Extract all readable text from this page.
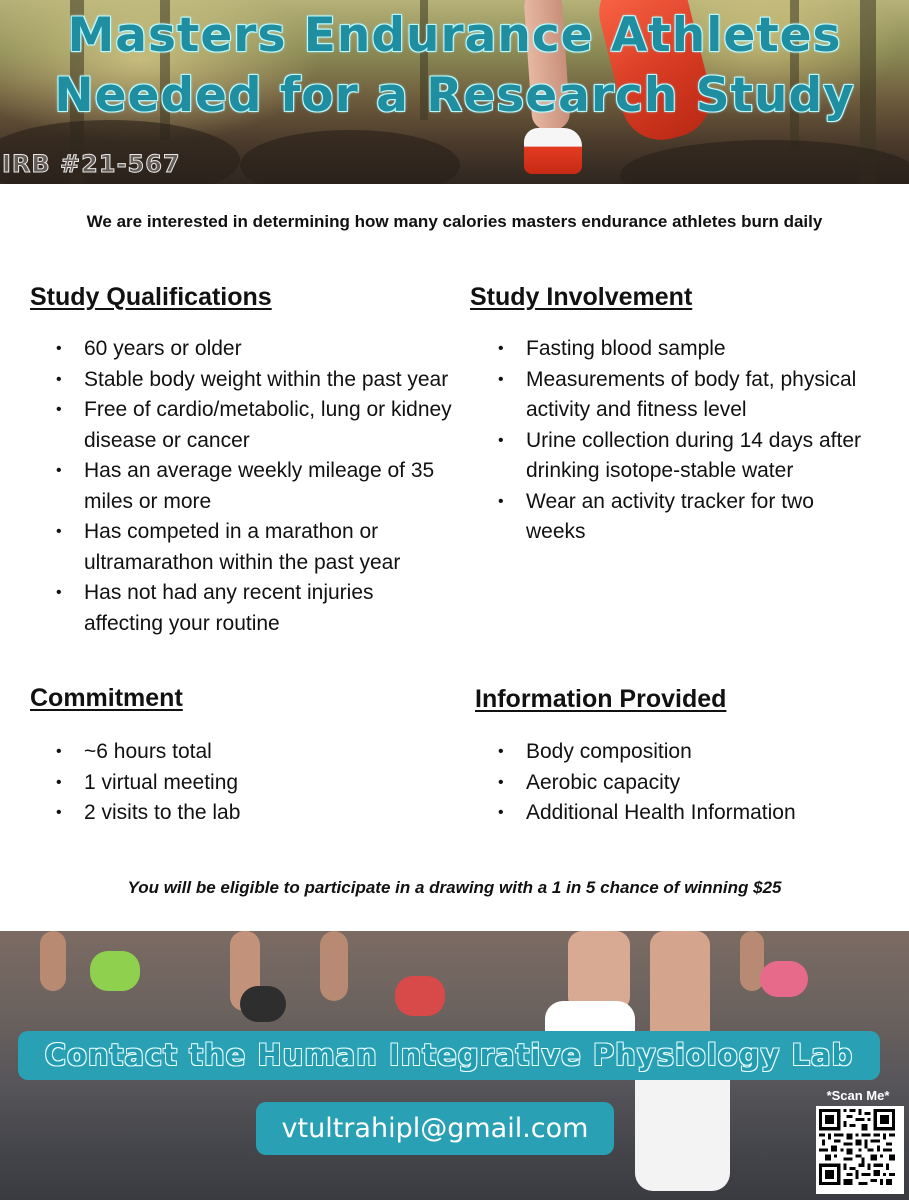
Masters Endurance Athletes
Needed for a Research Study
IRB #21-567
We are interested in determining how many calories masters endurance athletes burn daily
Study Qualifications
• 60 years or older
• Stable body weight within the past year
• Free of cardio/metabolic, lung or kidney disease or cancer
• Has an average weekly mileage of 35 miles or more
• Has competed in a marathon or ultramarathon within the past year
• Has not had any recent injuries affecting your routine
Study Involvement
• Fasting blood sample
• Measurements of body fat, physical activity and fitness level
• Urine collection during 14 days after drinking isotope-stable water
• Wear an activity tracker for two weeks
Commitment
• ~6 hours total
• 1 virtual meeting
• 2 visits to the lab
Information Provided
• Body composition
• Aerobic capacity
• Additional Health Information
You will be eligible to participate in a drawing with a 1 in 5 chance of winning $25
Contact the Human Integrative Physiology Lab
vtultrahipl@gmail.com
*Scan Me*
